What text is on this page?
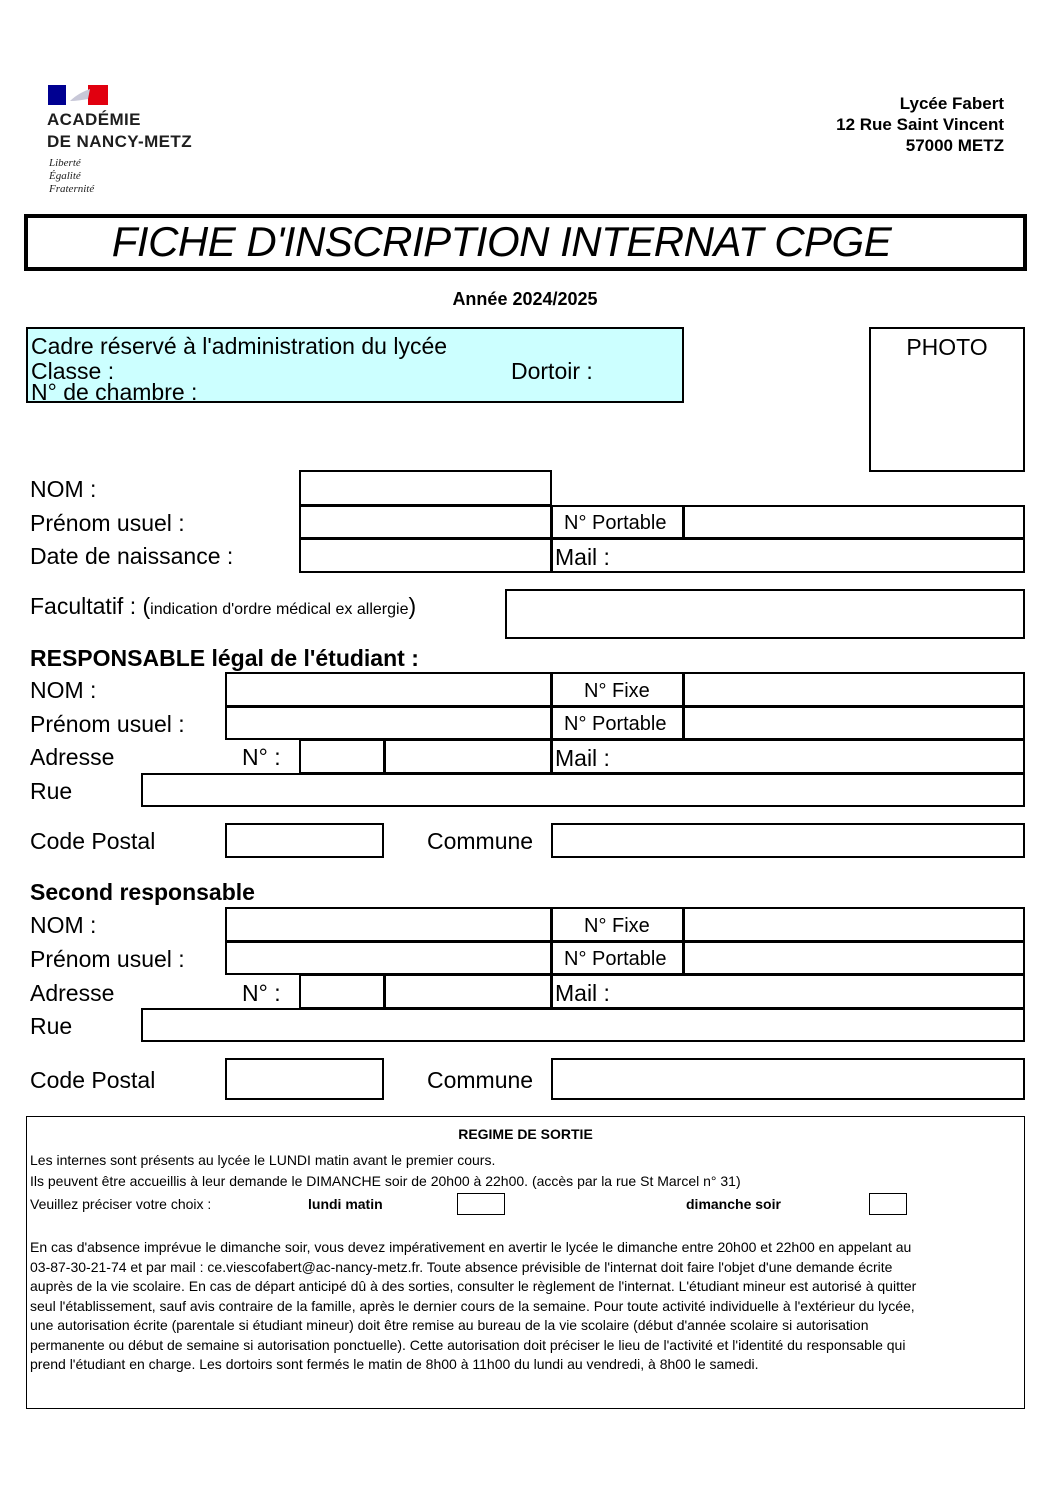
ACADÉMIE
DE NANCY-METZ
Liberté
Égalité
Fraternité
Lycée Fabert
12 Rue Saint Vincent
57000 METZ
FICHE D'INSCRIPTION INTERNAT CPGE
Année 2024/2025
Cadre réservé à l'administration du lycée
Classe :	Dortoir :
N° de chambre :
PHOTO
NOM :
Prénom usuel :	N° Portable
Date de naissance :	Mail :
Facultatif : (indication d'ordre médical ex allergie)
RESPONSABLE légal de l'étudiant :
NOM :	N° Fixe
Prénom usuel :	N° Portable
Adresse	N° :	Mail :
Rue
Code Postal	Commune
Second responsable
NOM :	N° Fixe
Prénom usuel :	N° Portable
Adresse	N° :	Mail :
Rue
Code Postal	Commune
REGIME DE SORTIE
Les internes sont présents au lycée le LUNDI matin avant le premier cours.
Ils peuvent être accueillis à leur demande le DIMANCHE soir de 20h00 à 22h00. (accès par la rue St Marcel n° 31)
Veuillez préciser votre choix :	lundi matin	dimanche soir
En cas d'absence imprévue le dimanche soir, vous devez impérativement en avertir le lycée le dimanche entre 20h00 et 22h00 en appelant au
03-87-30-21-74 et par mail : ce.viescofabert@ac-nancy-metz.fr. Toute absence prévisible de l'internat doit faire l'objet d'une demande écrite
auprès de la vie scolaire. En cas de départ anticipé dû à des sorties, consulter le règlement de l'internat. L'étudiant mineur est autorisé à quitter
seul l'établissement, sauf avis contraire de la famille, après le dernier cours de la semaine. Pour toute activité individuelle à l'extérieur du lycée,
une autorisation écrite (parentale si étudiant mineur) doit être remise au bureau de la vie scolaire (début d'année scolaire si autorisation
permanente ou début de semaine si autorisation ponctuelle). Cette autorisation doit préciser le lieu de l'activité et l'identité du responsable qui
prend l'étudiant en charge. Les dortoirs sont fermés le matin de 8h00 à 11h00 du lundi au vendredi, à 8h00 le samedi.
